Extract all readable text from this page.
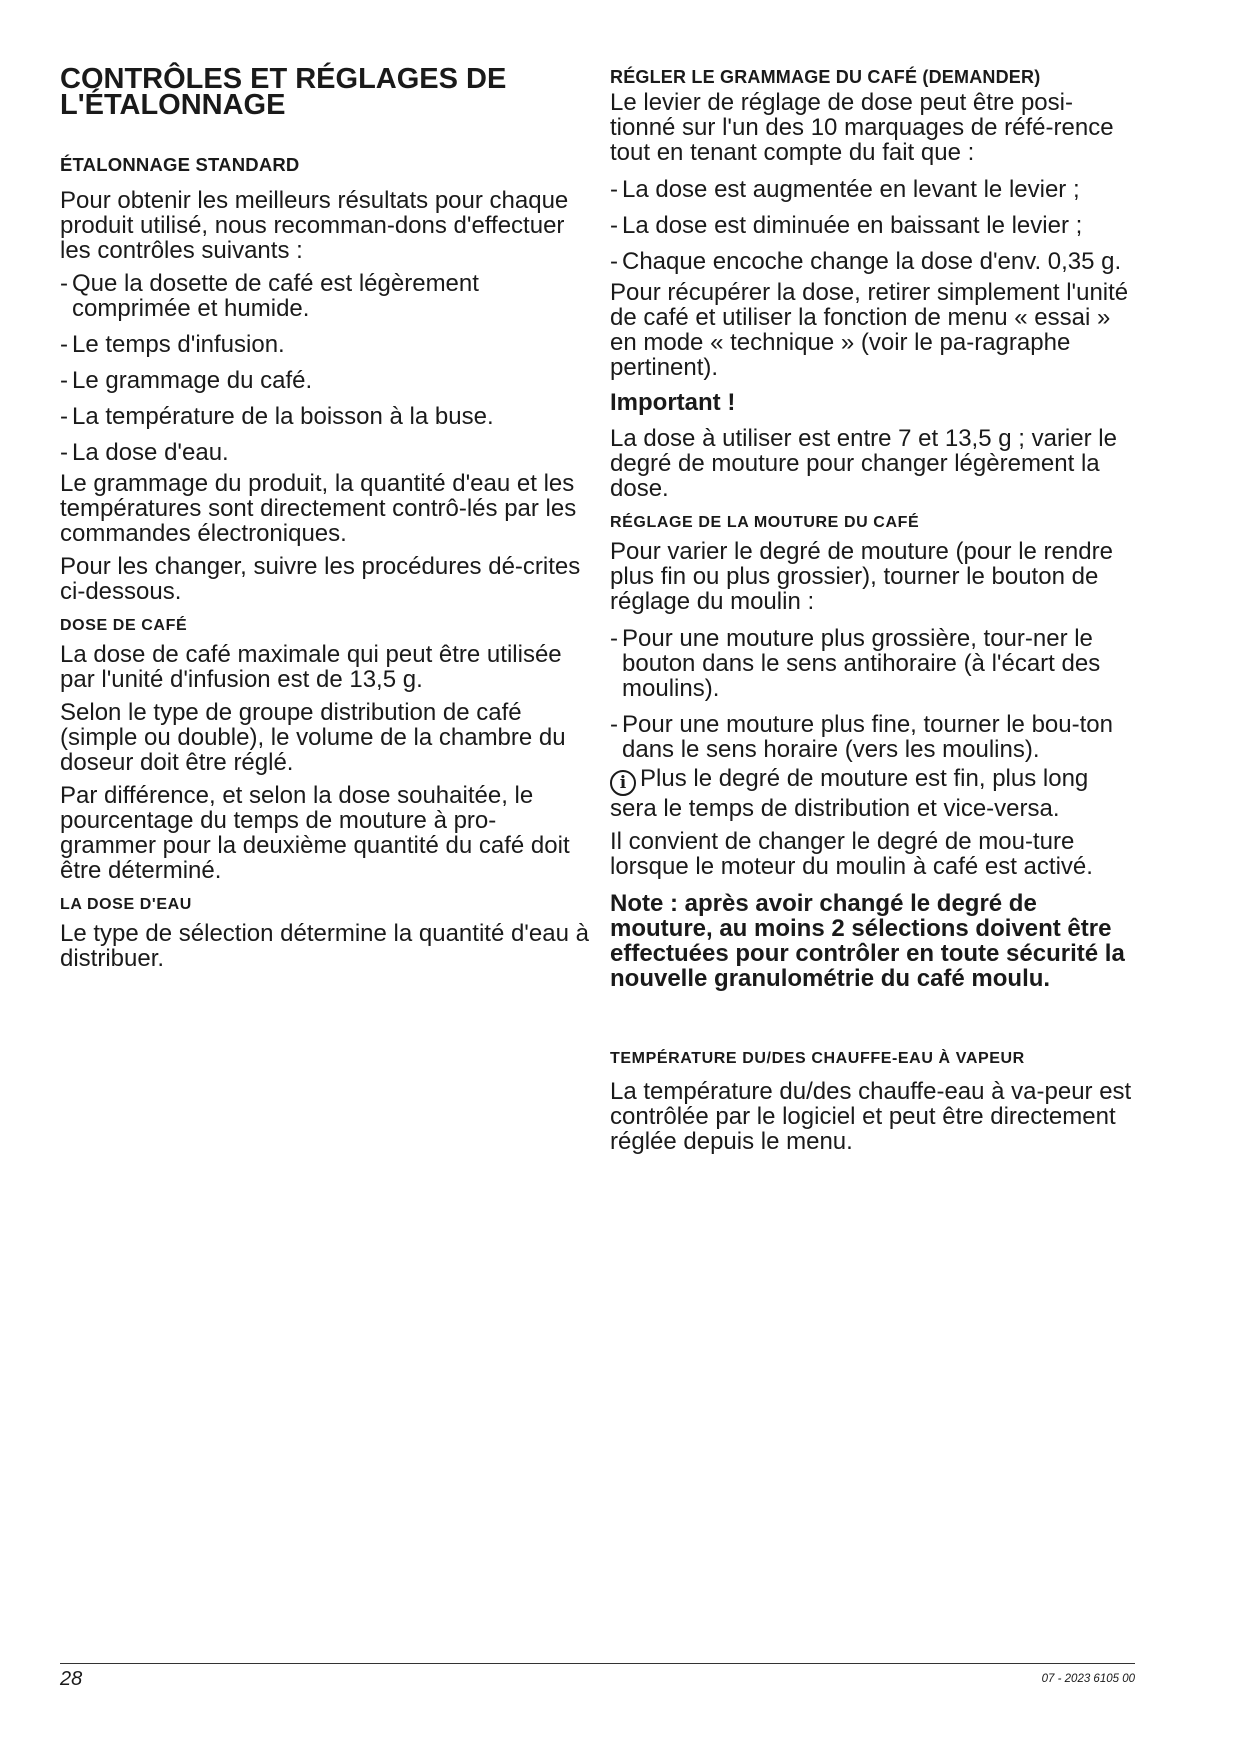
CONTRÔLES ET RÉGLAGES DE
L'ÉTALONNAGE
ÉTALONNAGE STANDARD

Pour obtenir les meilleurs résultats pour chaque produit utilisé, nous recomman-dons d'effectuer les contrôles suivants :

- Que la dosette de café est légèrement comprimée et humide.
- Le temps d'infusion.
- Le grammage du café.
- La température de la boisson à la buse.
- La dose d'eau.

Le grammage du produit, la quantité d'eau et les températures sont directement contrô-lés par les commandes électroniques.

Pour les changer, suivre les procédures dé-crites ci-dessous.

DOSE DE CAFÉ

La dose de café maximale qui peut être utilisée par l'unité d'infusion est de 13,5 g.

Selon le type de groupe distribution de café (simple ou double), le volume de la chambre du doseur doit être réglé.

Par différence, et selon la dose souhaitée, le pourcentage du temps de mouture à pro-grammer pour la deuxième quantité du café doit être déterminé.

LA DOSE D'EAU

Le type de sélection détermine la quantité d'eau à distribuer.

RÉGLER LE GRAMMAGE DU CAFÉ (DEMANDER)

Le levier de réglage de dose peut être posi-tionné sur l'un des 10 marquages de réfé-rence tout en tenant compte du fait que :

- La dose est augmentée en levant le levier ;
- La dose est diminuée en baissant le levier ;
- Chaque encoche change la dose d'env. 0,35 g.

Pour récupérer la dose, retirer simplement l'unité de café et utiliser la fonction de menu « essai » en mode « technique » (voir le pa-ragraphe pertinent).

Important !

La dose à utiliser est entre 7 et 13,5 g ; varier le degré de mouture pour changer légèrement la dose.

RÉGLAGE DE LA MOUTURE DU CAFÉ

Pour varier le degré de mouture (pour le rendre plus fin ou plus grossier), tourner le bouton de réglage du moulin :

- Pour une mouture plus grossière, tour-ner le bouton dans le sens antihoraire (à l'écart des moulins).
- Pour une mouture plus fine, tourner le bou-ton dans le sens horaire (vers les moulins).

i Plus le degré de mouture est fin, plus long sera le temps de distribution et vice-versa.

Il convient de changer le degré de mou-ture lorsque le moteur du moulin à café est activé.

Note : après avoir changé le degré de mouture, au moins 2 sélections doivent être effectuées pour contrôler en toute sécurité la nouvelle granulométrie du café moulu.
TEMPÉRATURE DU/DES CHAUFFE-EAU À VAPEUR

La température du/des chauffe-eau à va-peur est contrôlée par le logiciel et peut être directement réglée depuis le menu.

28	07 - 2023 6105 00
